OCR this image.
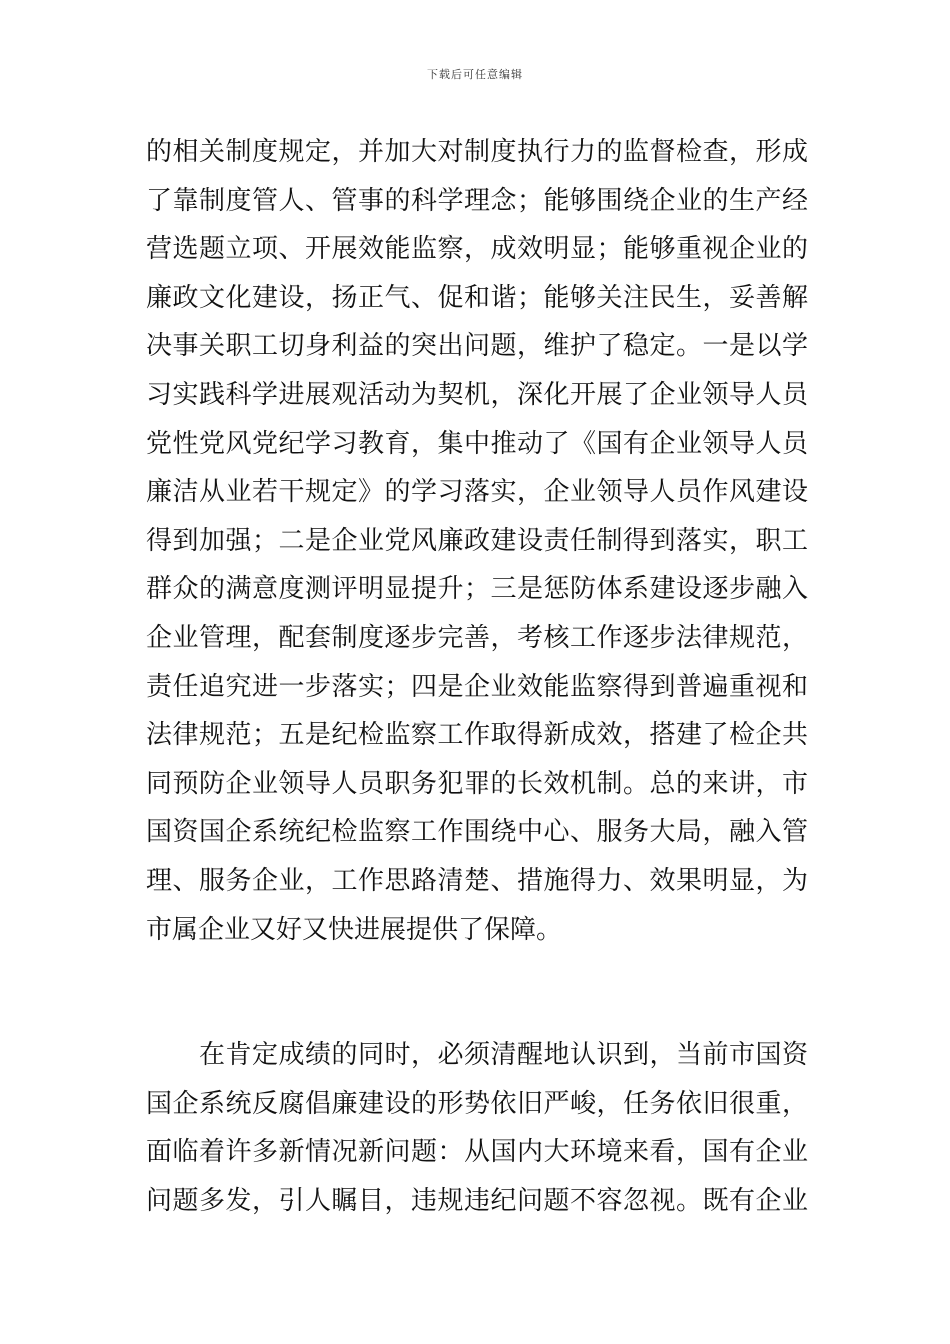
下载后可任意编辑
的相关制度规定，并加大对制度执行力的监督检查，形成
了靠制度管人、管事的科学理念；能够围绕企业的生产经
营选题立项、开展效能监察，成效明显；能够重视企业的
廉政文化建设，扬正气、促和谐；能够关注民生，妥善解
决事关职工切身利益的突出问题，维护了稳定。一是以学
习实践科学进展观活动为契机，深化开展了企业领导人员
党性党风党纪学习教育，集中推动了《国有企业领导人员
廉洁从业若干规定》的学习落实，企业领导人员作风建设
得到加强；二是企业党风廉政建设责任制得到落实，职工
群众的满意度测评明显提升；三是惩防体系建设逐步融入
企业管理，配套制度逐步完善，考核工作逐步法律规范，
责任追究进一步落实；四是企业效能监察得到普遍重视和
法律规范；五是纪检监察工作取得新成效，搭建了检企共
同预防企业领导人员职务犯罪的长效机制。总的来讲，市
国资国企系统纪检监察工作围绕中心、服务大局，融入管
理、服务企业，工作思路清楚、措施得力、效果明显，为
市属企业又好又快进展提供了保障。
　　在肯定成绩的同时，必须清醒地认识到，当前市国资
国企系统反腐倡廉建设的形势依旧严峻，任务依旧很重，
面临着许多新情况新问题：从国内大环境来看，国有企业
问题多发，引人瞩目，违规违纪问题不容忽视。既有企业
